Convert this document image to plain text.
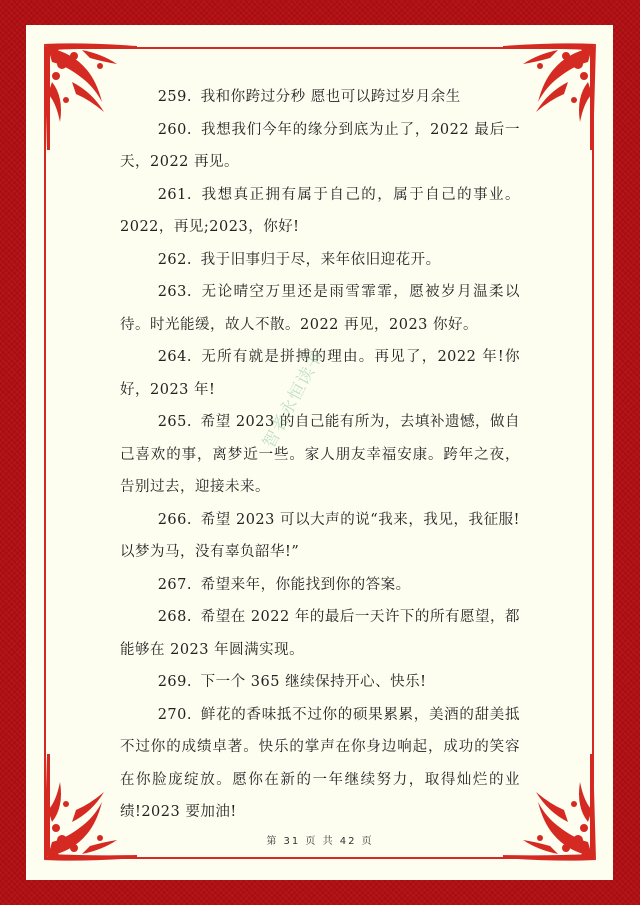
259. 我和你跨过分秒 愿也可以跨过岁月余生

260. 我想我们今年的缘分到底为止了，2022 最后一天，2022 再见。

261. 我想真正拥有属于自己的，属于自己的事业。2022，再见;2023，你好!

262. 我于旧事归于尽，来年依旧迎花开。

263. 无论晴空万里还是雨雪霏霏，愿被岁月温柔以待。时光能缓，故人不散。2022 再见，2023 你好。

264. 无所有就是拼搏的理由。再见了，2022 年!你好，2023 年!

265. 希望 2023 的自己能有所为，去填补遗憾，做自己喜欢的事，离梦近一些。家人朋友幸福安康。跨年之夜，告别过去，迎接未来。

266. 希望 2023 可以大声的说“我来，我见，我征服!以梦为马，没有辜负韶华!”

267. 希望来年，你能找到你的答案。

268. 希望在 2022 年的最后一天许下的所有愿望，都能够在 2023 年圆满实现。

269. 下一个 365 继续保持开心、快乐!

270. 鲜花的香味抵不过你的硕果累累，美酒的甜美抵不过你的成绩卓著。快乐的掌声在你身边响起，成功的笑容在你脸庞绽放。愿你在新的一年继续努力，取得灿烂的业绩!2023 要加油!

智者永恒读书
第 31 页 共 42 页
